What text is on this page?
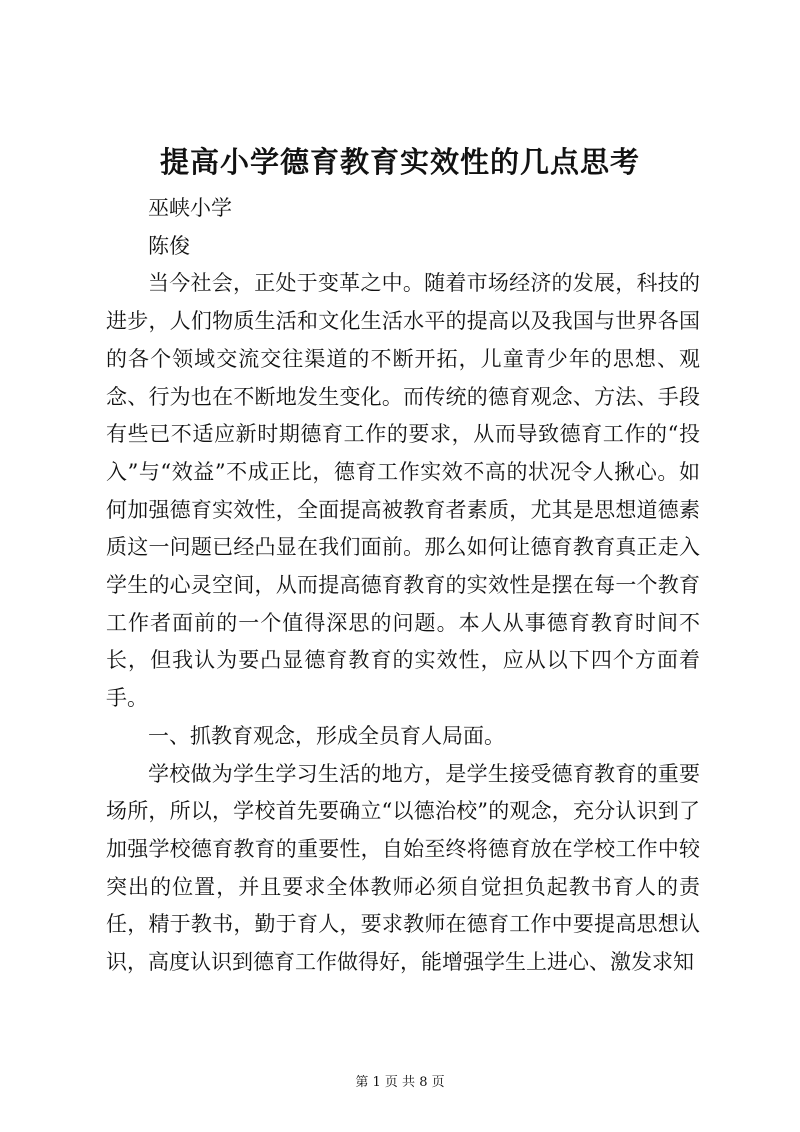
提高小学德育教育实效性的几点思考

巫峡小学

陈俊

当今社会，正处于变革之中。随着市场经济的发展，科技的进步，人们物质生活和文化生活水平的提高以及我国与世界各国的各个领域交流交往渠道的不断开拓，儿童青少年的思想、观念、行为也在不断地发生变化。而传统的德育观念、方法、手段有些已不适应新时期德育工作的要求，从而导致德育工作的“投入”与“效益”不成正比，德育工作实效不高的状况令人揪心。如何加强德育实效性，全面提高被教育者素质，尤其是思想道德素质这一问题已经凸显在我们面前。那么如何让德育教育真正走入学生的心灵空间，从而提高德育教育的实效性是摆在每一个教育工作者面前的一个值得深思的问题。本人从事德育教育时间不长，但我认为要凸显德育教育的实效性，应从以下四个方面着手。

一、抓教育观念，形成全员育人局面。

学校做为学生学习生活的地方，是学生接受德育教育的重要场所，所以，学校首先要确立“以德治校”的观念，充分认识到了加强学校德育教育的重要性，自始至终将德育放在学校工作中较突出的位置，并且要求全体教师必须自觉担负起教书育人的责任，精于教书，勤于育人，要求教师在德育工作中要提高思想认识，高度认识到德育工作做得好，能增强学生上进心、激发求知

第 1 页 共 8 页
